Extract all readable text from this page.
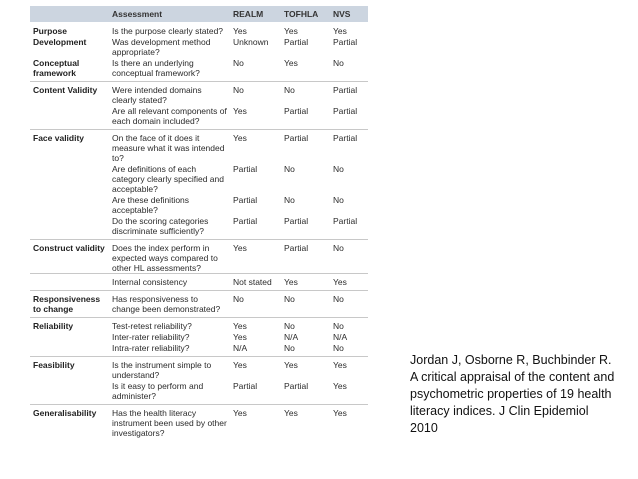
	Assessment	REALM	TOFHLA	NVS
Purpose	Is the purpose clearly stated?	Yes	Yes	Yes
Development	Was development method appropriate?	Unknown	Partial	Partial
Conceptual framework	Is there an underlying conceptual framework?	No	Yes	No
Content Validity	Were intended domains clearly stated?	No	No	Partial
	Are all relevant components of each domain included?	Yes	Partial	Partial
Face validity	On the face of it does it measure what it was intended to?	Yes	Partial	Partial
	Are definitions of each category clearly specified and acceptable?	Partial	No	No
	Are these definitions acceptable?	Partial	No	No
	Do the scoring categories discriminate sufficiently?	Partial	Partial	Partial
Construct validity	Does the index perform in expected ways compared to other HL assessments?	Yes	Partial	No
	Internal consistency	Not stated	Yes	Yes
Responsiveness to change	Has responsiveness to change been demonstrated?	No	No	No
Reliability	Test-retest reliability?	Yes	No	No
	Inter-rater reliability?	Yes	N/A	N/A
	Intra-rater reliability?	N/A	No	No
Feasibility	Is the instrument simple to understand?	Yes	Yes	Yes
	Is it easy to perform and administer?	Partial	Partial	Yes
Generalisability	Has the health literacy instrument been used by other investigators?	Yes	Yes	Yes
Jordan J, Osborne R, Buchbinder R. A critical appraisal of the content and psychometric properties of 19 health literacy indices. J Clin Epidemiol 2010
